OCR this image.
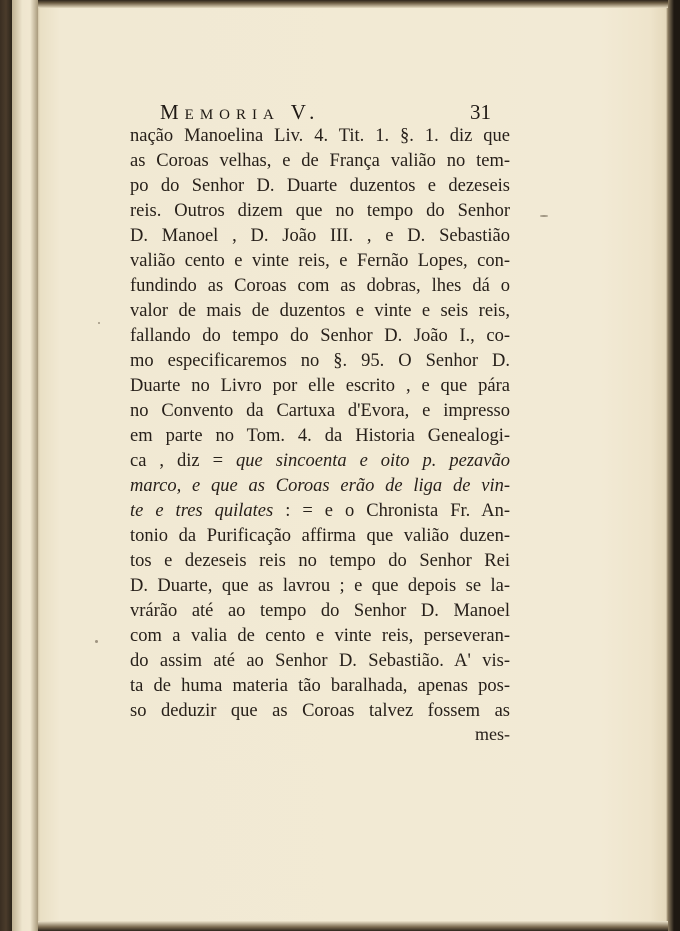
Memoria V.	31
nação Manoelina Liv. 4. Tit. 1. §. 1. diz que
as Coroas velhas, e de França valião no tem-
po do Senhor D. Duarte duzentos e dezeseis
reis. Outros dizem que no tempo do Senhor
D. Manoel , D. João III. , e D. Sebastião
valião cento e vinte reis, e Fernão Lopes, con-
fundindo as Coroas com as dobras, lhes dá o
valor de mais de duzentos e vinte e seis reis,
fallando do tempo do Senhor D. João I., co-
mo especificaremos no §. 95. O Senhor D.
Duarte no Livro por elle escrito , e que pára
no Convento da Cartuxa d'Evora, e impresso
em parte no Tom. 4. da Historia Genealogi-
ca , diz = que sincoenta e oito p. pezavão
marco, e que as Coroas erão de liga de vin-
te e tres quilates : = e o Chronista Fr. An-
tonio da Purificação affirma que valião duzen-
tos e dezeseis reis no tempo do Senhor Rei
D. Duarte, que as lavrou ; e que depois se la-
vrárão até ao tempo do Senhor D. Manoel
com a valia de cento e vinte reis, perseveran-
do assim até ao Senhor D. Sebastião. A' vis-
ta de huma materia tão baralhada, apenas pos-
so deduzir que as Coroas talvez fossem as
mes-
